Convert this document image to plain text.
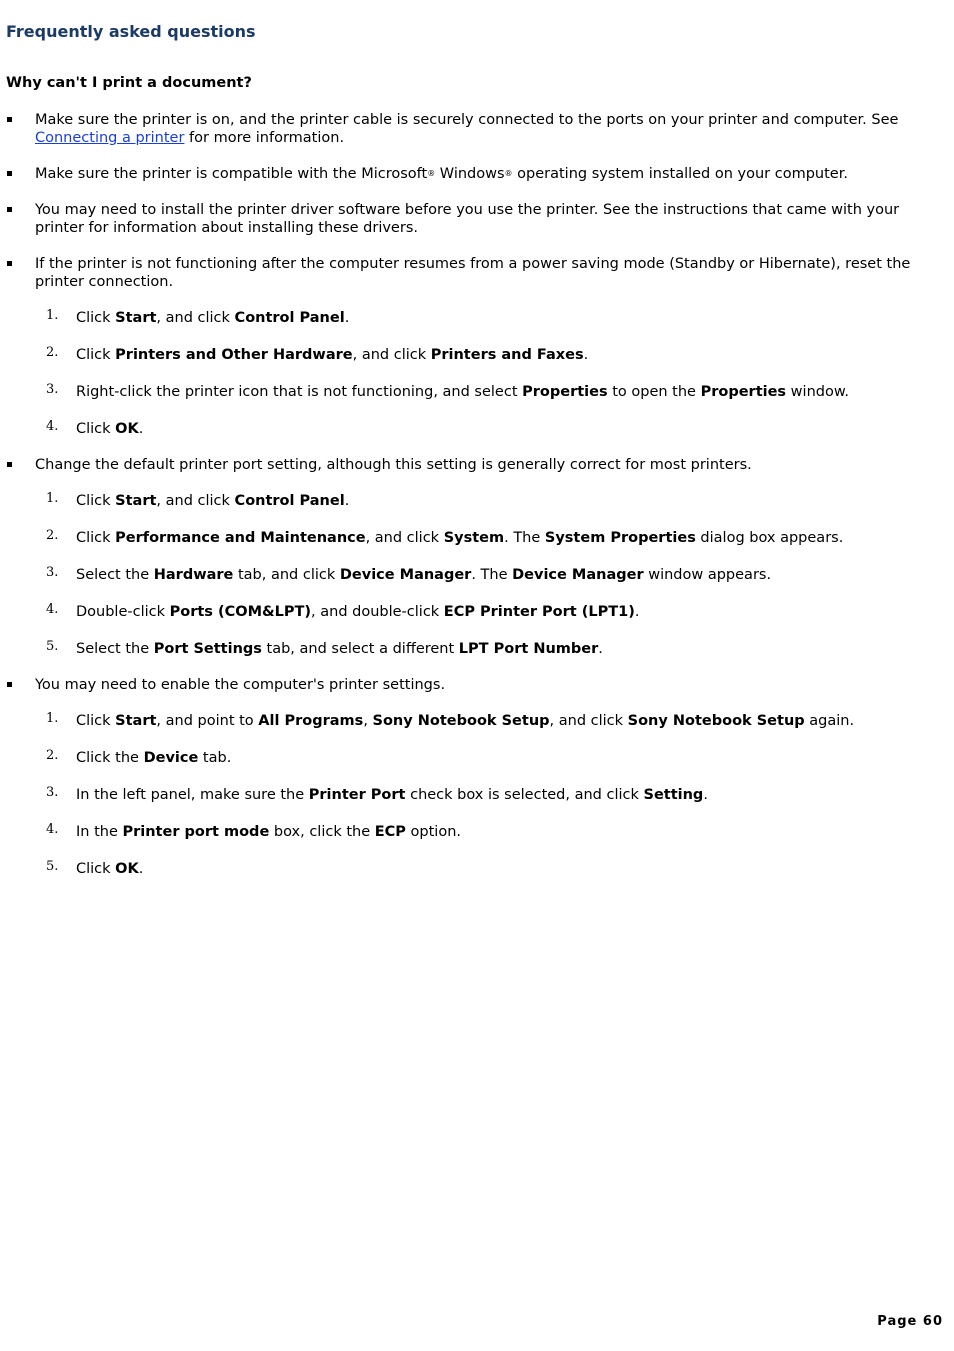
Frequently asked questions
Why can't I print a document?
Make sure the printer is on, and the printer cable is securely connected to the ports on your printer and computer. See Connecting a printer for more information.
Make sure the printer is compatible with the Microsoft® Windows® operating system installed on your computer.
You may need to install the printer driver software before you use the printer. See the instructions that came with your printer for information about installing these drivers.
If the printer is not functioning after the computer resumes from a power saving mode (Standby or Hibernate), reset the printer connection.
1. Click Start, and click Control Panel.
2. Click Printers and Other Hardware, and click Printers and Faxes.
3. Right-click the printer icon that is not functioning, and select Properties to open the Properties window.
4. Click OK.
Change the default printer port setting, although this setting is generally correct for most printers.
1. Click Start, and click Control Panel.
2. Click Performance and Maintenance, and click System. The System Properties dialog box appears.
3. Select the Hardware tab, and click Device Manager. The Device Manager window appears.
4. Double-click Ports (COM&LPT), and double-click ECP Printer Port (LPT1).
5. Select the Port Settings tab, and select a different LPT Port Number.
You may need to enable the computer's printer settings.
1. Click Start, and point to All Programs, Sony Notebook Setup, and click Sony Notebook Setup again.
2. Click the Device tab.
3. In the left panel, make sure the Printer Port check box is selected, and click Setting.
4. In the Printer port mode box, click the ECP option.
5. Click OK.
Page 60
